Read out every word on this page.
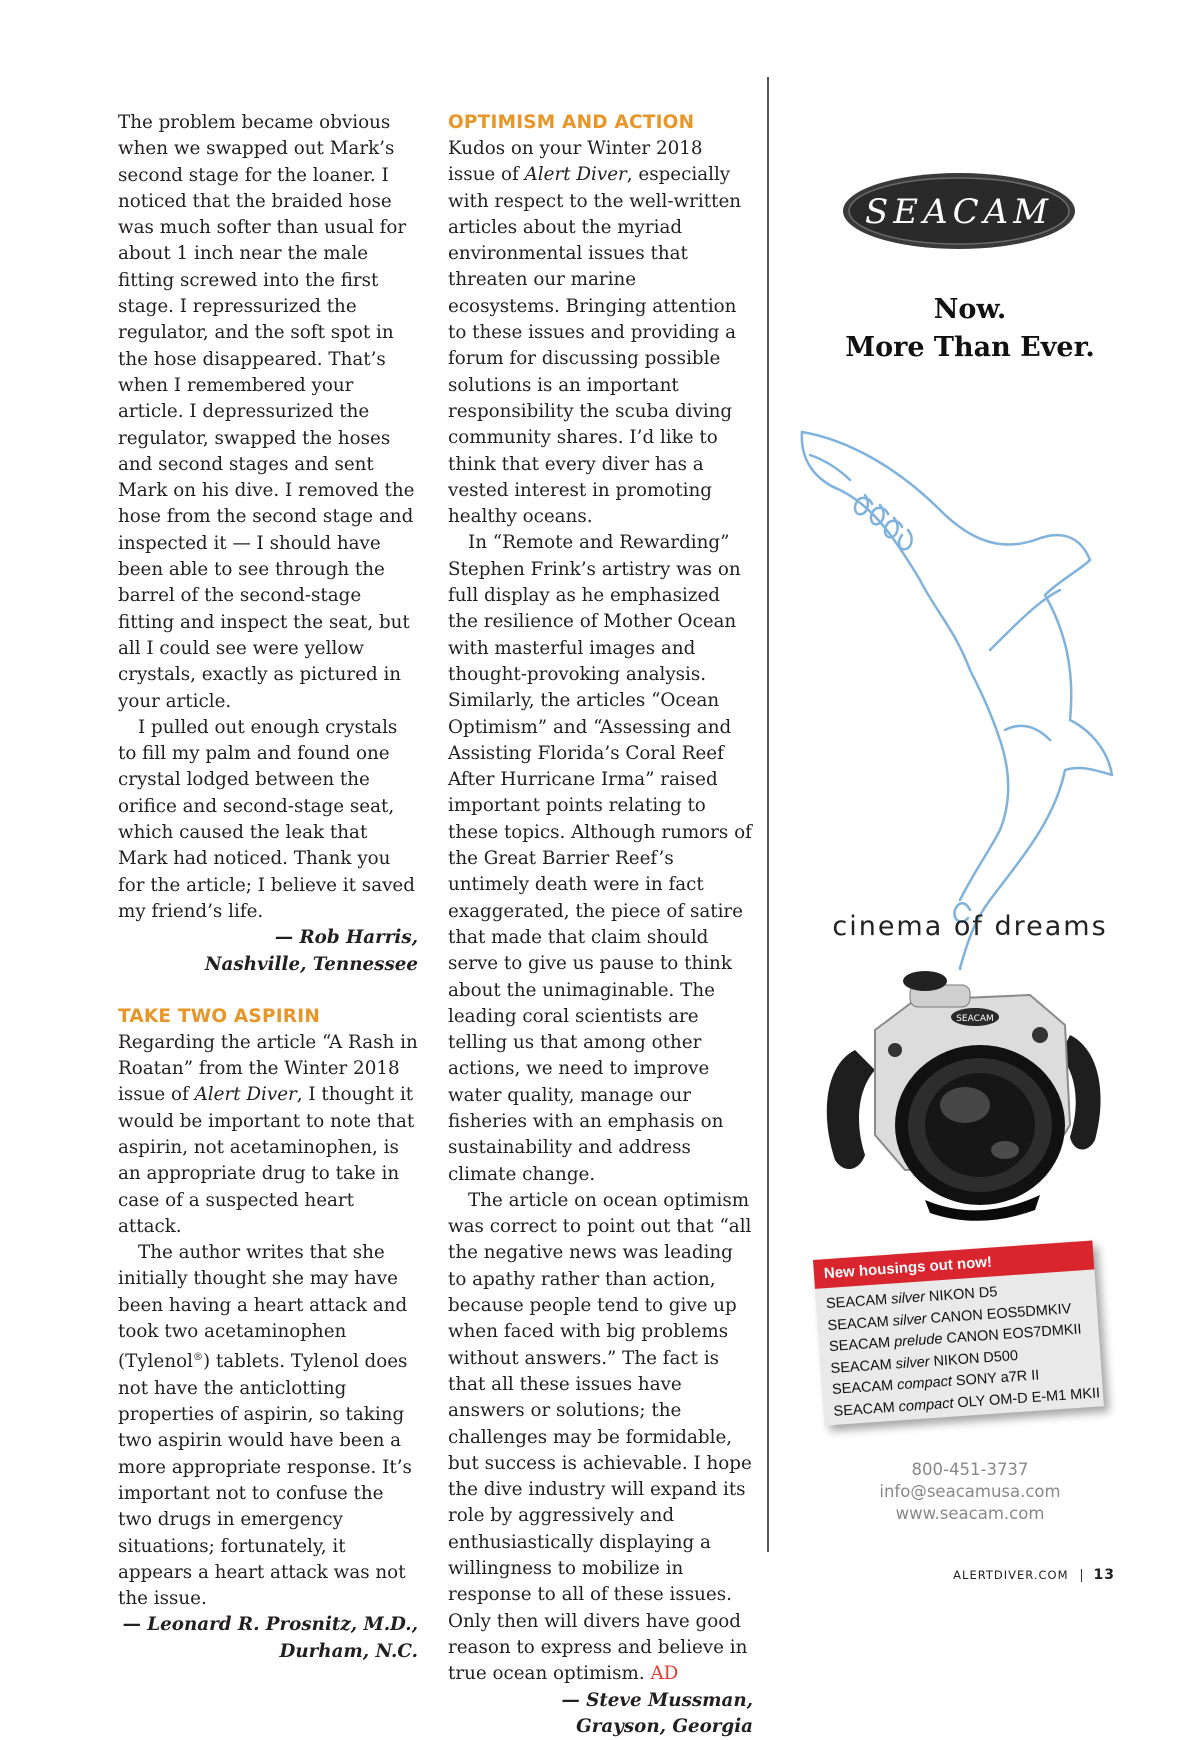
The problem became obvious when we swapped out Mark’s second stage for the loaner. I noticed that the braided hose was much softer than usual for about 1 inch near the male fitting screwed into the first stage. I repressurized the regulator, and the soft spot in the hose disappeared. That’s when I remembered your article. I depressurized the regulator, swapped the hoses and second stages and sent Mark on his dive. I removed the hose from the second stage and inspected it — I should have been able to see through the barrel of the second-stage fitting and inspect the seat, but all I could see were yellow crystals, exactly as pictured in your article.

I pulled out enough crystals to fill my palm and found one crystal lodged between the orifice and second-stage seat, which caused the leak that Mark had noticed. Thank you for the article; I believe it saved my friend’s life.

— Rob Harris,
Nashville, Tennessee
TAKE TWO ASPIRIN

Regarding the article “A Rash in Roatan” from the Winter 2018 issue of Alert Diver, I thought it would be important to note that aspirin, not acetaminophen, is an appropriate drug to take in case of a suspected heart attack.

The author writes that she initially thought she may have been having a heart attack and took two acetaminophen (Tylenol®) tablets. Tylenol does not have the anticlotting properties of aspirin, so taking two aspirin would have been a more appropriate response. It’s important not to confuse the two drugs in emergency situations; fortunately, it appears a heart attack was not the issue.

— Leonard R. Prosnitz, M.D.,
Durham, N.C.
OPTIMISM AND ACTION

Kudos on your Winter 2018 issue of Alert Diver, especially with respect to the well-written articles about the myriad environmental issues that threaten our marine ecosystems. Bringing attention to these issues and providing a forum for discussing possible solutions is an important responsibility the scuba diving community shares. I’d like to think that every diver has a vested interest in promoting healthy oceans.

In “Remote and Rewarding” Stephen Frink’s artistry was on full display as he emphasized the resilience of Mother Ocean with masterful images and thought-provoking analysis. Similarly, the articles “Ocean Optimism” and “Assessing and Assisting Florida’s Coral Reef After Hurricane Irma” raised important points relating to these topics. Although rumors of the Great Barrier Reef’s untimely death were in fact exaggerated, the piece of satire that made that claim should serve to give us pause to think about the unimaginable. The leading coral scientists are telling us that among other actions, we need to improve water quality, manage our fisheries with an emphasis on sustainability and address climate change.

The article on ocean optimism was correct to point out that “all the negative news was leading to apathy rather than action, because people tend to give up when faced with big problems without answers.” The fact is that all these issues have answers or solutions; the challenges may be formidable, but success is achievable. I hope the dive industry will expand its role by aggressively and enthusiastically displaying a willingness to mobilize in response to all of these issues. Only then will divers have good reason to express and believe in true ocean optimism. AD

— Steve Mussman,
Grayson, Georgia
SEACAM
Now.
More Than Ever.
cinema of dreams
SEACAM
New housings out now!
SEACAM silver NIKON D5
SEACAM silver CANON EOS5DMKIV
SEACAM prelude CANON EOS7DMKII
SEACAM silver NIKON D500
SEACAM compact SONY a7R II
SEACAM compact OLY OM-D E-M1 MKII
800-451-3737
info@seacamusa.com
www.seacam.com
ALERTDIVER.COM 13
